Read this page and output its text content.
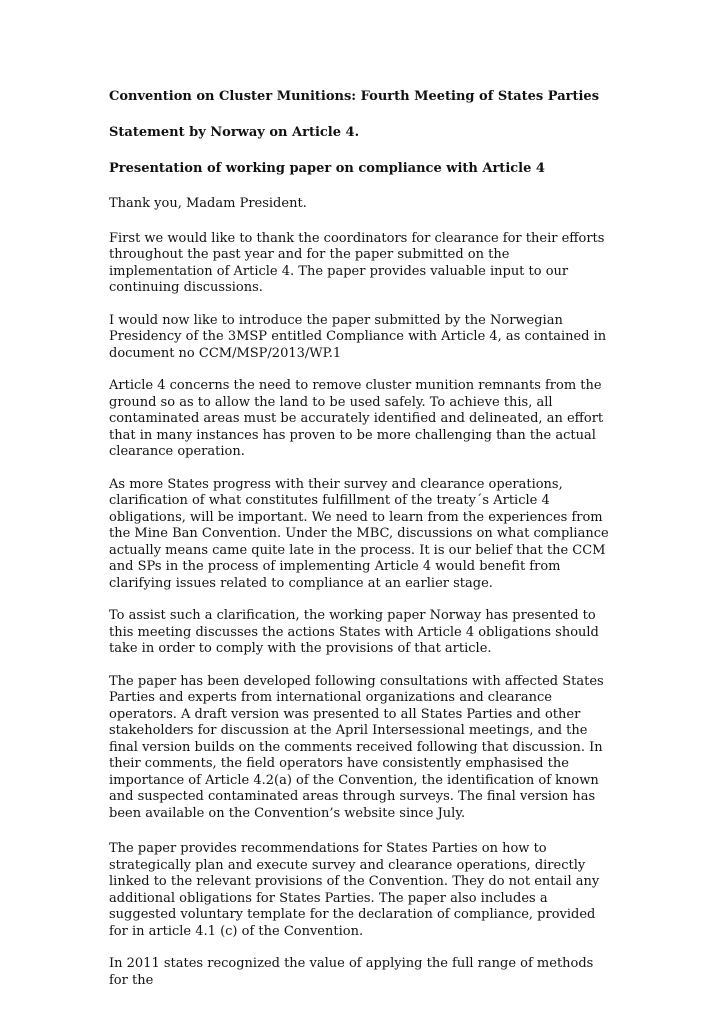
Convention on Cluster Munitions: Fourth Meeting of States Parties
Statement by Norway on Article 4.
Presentation of working paper on compliance with Article 4

Thank you, Madam President.

First we would like to thank the coordinators for clearance for their efforts throughout the past year and for the paper submitted on the implementation of Article 4. The paper provides valuable input to our continuing discussions.

I would now like to introduce the paper submitted by the Norwegian Presidency of the 3MSP entitled Compliance with Article 4, as contained in document no CCM/MSP/2013/WP.1

Article 4 concerns the need to remove cluster munition remnants from the ground so as to allow the land to be used safely. To achieve this, all contaminated areas must be accurately identified and delineated, an effort that in many instances has proven to be more challenging than the actual clearance operation.

As more States progress with their survey and clearance operations, clarification of what constitutes fulfillment of the treaty´s Article 4 obligations, will be important. We need to learn from the experiences from the Mine Ban Convention. Under the MBC, discussions on what compliance actually means came quite late in the process. It is our belief that the CCM and SPs in the process of implementing Article 4 would benefit from clarifying issues related to compliance at an earlier stage.

To assist such a clarification, the working paper Norway has presented to this meeting discusses the actions States with Article 4 obligations should take in order to comply with the provisions of that article.

The paper has been developed following consultations with affected States Parties and experts from international organizations and clearance operators. A draft version was presented to all States Parties and other stakeholders for discussion at the April Intersessional meetings, and the final version builds on the comments received following that discussion. In their comments, the field operators have consistently emphasised the importance of Article 4.2(a) of the Convention, the identification of known and suspected contaminated areas through surveys. The final version has been available on the Convention’s website since July.

The paper provides recommendations for States Parties on how to strategically plan and execute survey and clearance operations, directly linked to the relevant provisions of the Convention. They do not entail any additional obligations for States Parties. The paper also includes a suggested voluntary template for the declaration of compliance, provided for in article 4.1 (c) of the Convention.

In 2011 states recognized the value of applying the full range of methods for the
